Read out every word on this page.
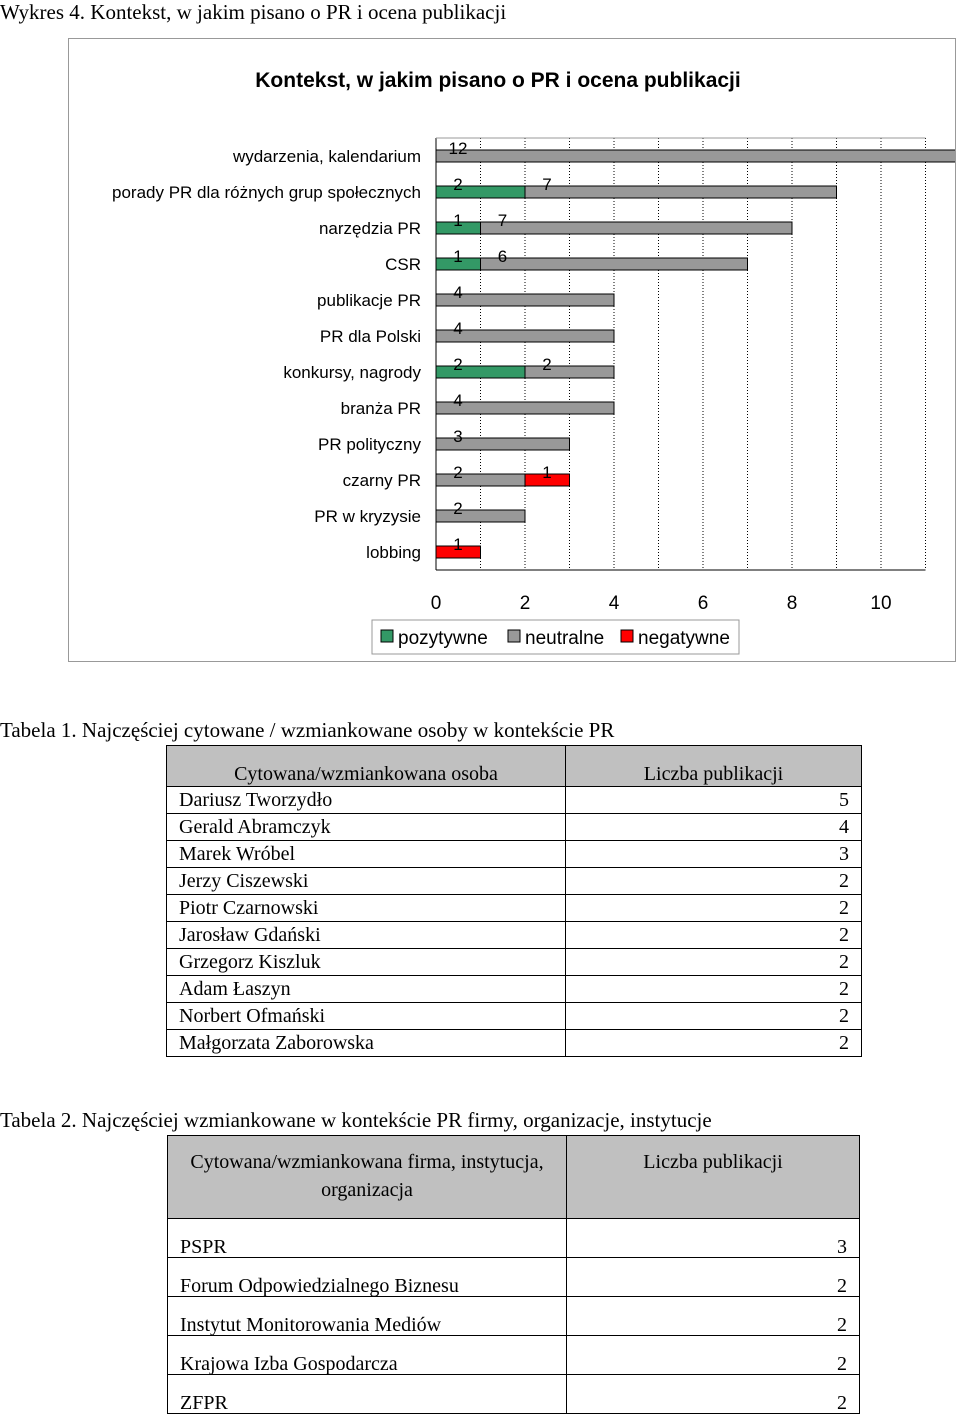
Wykres 4. Kontekst, w jakim pisano o PR i ocena publikacji
Kontekst, w jakim pisano o PR i ocena publikacji
wydarzenia, kalendarium 12
porady PR dla różnych grup społecznych 2	7
narzędzia PR 1 7
CSR 1 6
publikacje PR 4
PR dla Polski 4
konkursy, nagrody 2	2
branża PR 4
PR polityczny 3
czarny PR 2	1
PR w kryzysie 2
lobbing 1
0	2	4	6	8	10
pozytywne neutralne negatywne
Tabela 1. Najczęściej cytowane / wzmiankowane osoby w kontekście PR
Cytowana/wzmiankowana osoba	Liczba publikacji
Dariusz Tworzydło	5
Gerald Abramczyk	4
Marek Wróbel	3
Jerzy Ciszewski	2
Piotr Czarnowski	2
Jarosław Gdański	2
Grzegorz Kiszluk	2
Adam Łaszyn	2
Norbert Ofmański	2
Małgorzata Zaborowska	2
Tabela 2. Najczęściej wzmiankowane w kontekście PR firmy, organizacje, instytucje
Cytowana/wzmiankowana firma, instytucja, organizacja	Liczba publikacji
PSPR	3
Forum Odpowiedzialnego Biznesu	2
Instytut Monitorowania Mediów	2
Krajowa Izba Gospodarcza	2
ZFPR	2
